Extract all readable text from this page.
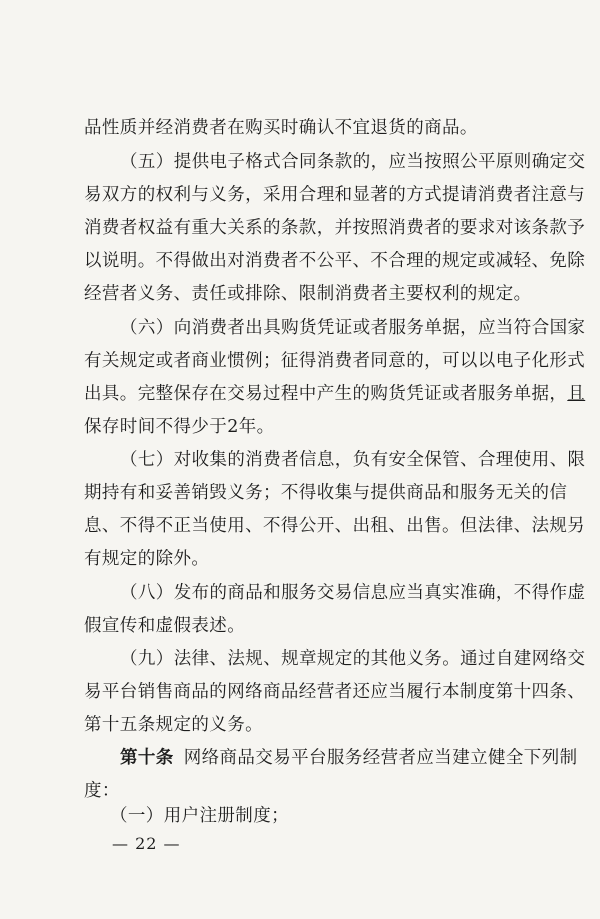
品性质并经消费者在购买时确认不宜退货的商品。
（五）提供电子格式合同条款的，应当按照公平原则确定交
易双方的权利与义务，采用合理和显著的方式提请消费者注意与
消费者权益有重大关系的条款，并按照消费者的要求对该条款予
以说明。不得做出对消费者不公平、不合理的规定或减轻、免除
经营者义务、责任或排除、限制消费者主要权利的规定。
（六）向消费者出具购货凭证或者服务单据，应当符合国家
有关规定或者商业惯例；征得消费者同意的，可以以电子化形式
出具。完整保存在交易过程中产生的购货凭证或者服务单据，且
保存时间不得少于2年。
（七）对收集的消费者信息，负有安全保管、合理使用、限
期持有和妥善销毁义务；不得收集与提供商品和服务无关的信
息、不得不正当使用、不得公开、出租、出售。但法律、法规另
有规定的除外。
（八）发布的商品和服务交易信息应当真实准确，不得作虚
假宣传和虚假表述。
（九）法律、法规、规章规定的其他义务。通过自建网络交
易平台销售商品的网络商品经营者还应当履行本制度第十四条、
第十五条规定的义务。
第十条 网络商品交易平台服务经营者应当建立健全下列制
度：
（一）用户注册制度；
— 22 —
